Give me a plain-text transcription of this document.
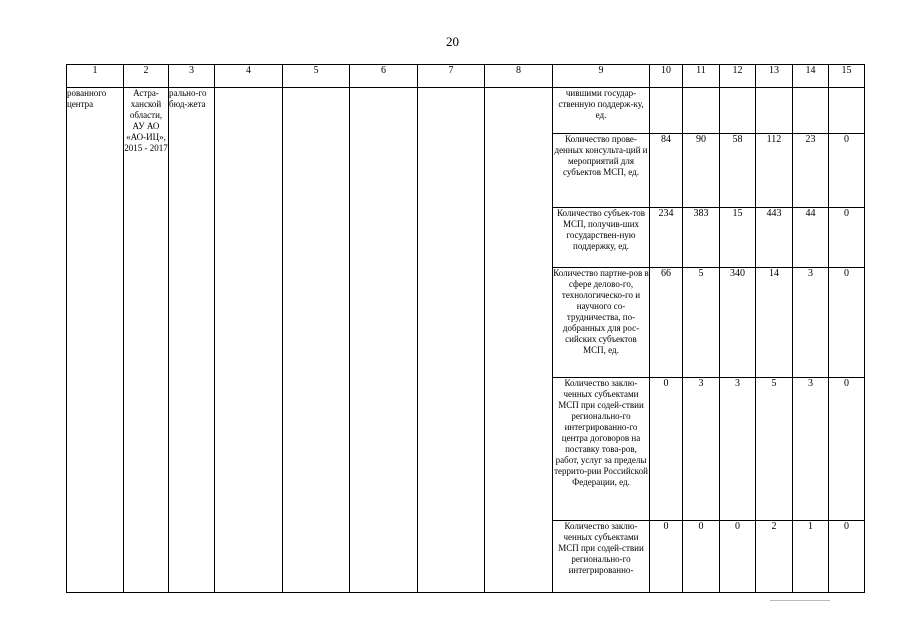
20
1	2	3	4	5	6	7	8	9	10	11	12	13	14	15
рованного центра	Астра-ханской области, АУ АО «АО-ИЦ», 2015 - 2017	рально-го бюд-жета						чившими государ-ственную поддерж-ку, ед.						
								Количество прове-денных консульта-ций и мероприятий для субъектов МСП, ед.	84	90	58	112	23	0
								Количество субъек-тов МСП, получив-ших государствен-ную поддержку, ед.	234	383	15	443	44	0
								Количество партне-ров в сфере делово-го, технологическо-го и научного со-трудничества, по-добранных для рос-сийских субъектов МСП, ед.	66	5	340	14	3	0
								Количество заклю-ченных субъектами МСП при содей-ствии регионально-го интегрированно-го центра договоров на поставку това-ров, работ, услуг за пределы террито-рии Российской Федерации, ед.	0	3	3	5	3	0
								Количество заклю-ченных субъектами МСП при содей-ствии регионально-го интегрированно-	0	0	0	2	1	0
